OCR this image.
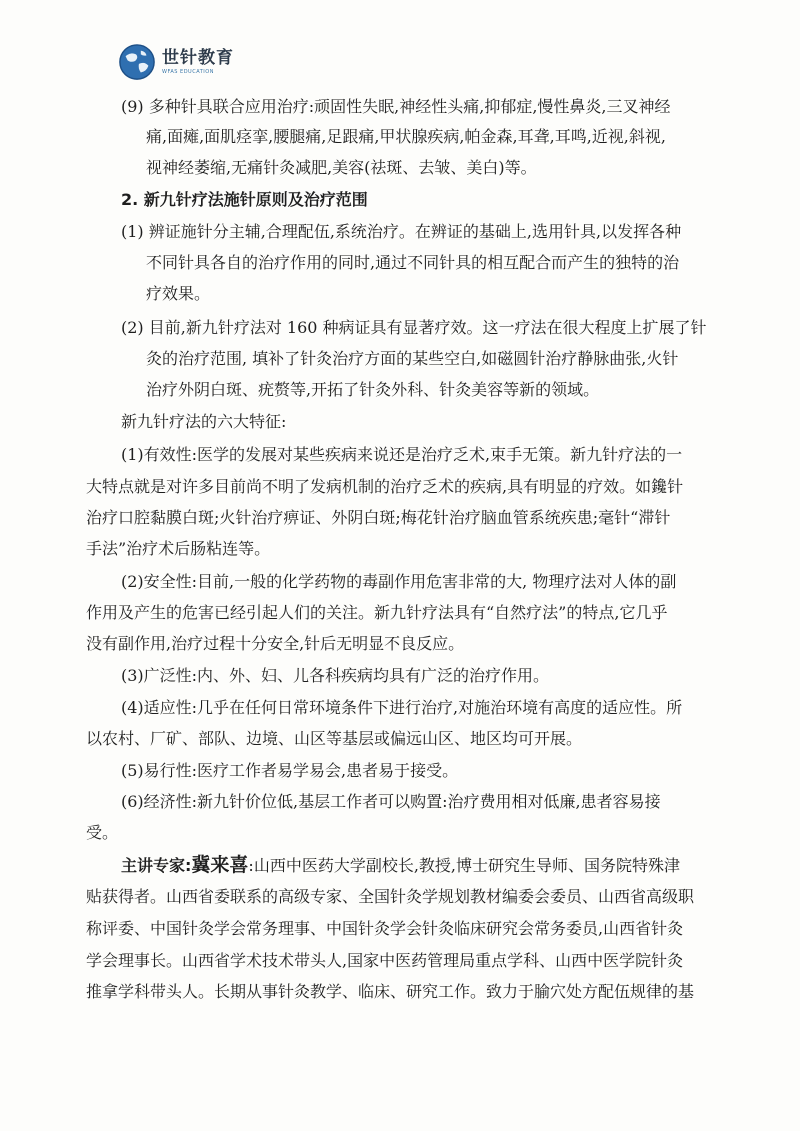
世针教育
WFAS EDUCATION
(9) 多种针具联合应用治疗:顽固性失眠,神经性头痛,抑郁症,慢性鼻炎,三叉神经
痛,面瘫,面肌痉挛,腰腿痛,足跟痛,甲状腺疾病,帕金森,耳聋,耳鸣,近视,斜视,
视神经萎缩,无痛针灸减肥,美容(祛斑、去皱、美白)等。
2. 新九针疗法施针原则及治疗范围
(1) 辨证施针分主辅,合理配伍,系统治疗。在辨证的基础上,选用针具,以发挥各种
不同针具各自的治疗作用的同时,通过不同针具的相互配合而产生的独特的治
疗效果。
(2) 目前,新九针疗法对 160 种病证具有显著疗效。这一疗法在很大程度上扩展了针
灸的治疗范围, 填补了针灸治疗方面的某些空白,如磁圆针治疗静脉曲张,火针
治疗外阴白斑、疣赘等,开拓了针灸外科、针灸美容等新的领域。
新九针疗法的六大特征:
(1)有效性:医学的发展对某些疾病来说还是治疗乏术,束手无策。新九针疗法的一
大特点就是对许多目前尚不明了发病机制的治疗乏术的疾病,具有明显的疗效。如鑱针
治疗口腔黏膜白斑;火针治疗痹证、外阴白斑;梅花针治疗脑血管系统疾患;毫针“滞针
手法”治疗术后肠粘连等。
(2)安全性:目前,一般的化学药物的毒副作用危害非常的大, 物理疗法对人体的副
作用及产生的危害已经引起人们的关注。新九针疗法具有“自然疗法”的特点,它几乎
没有副作用,治疗过程十分安全,针后无明显不良反应。
(3)广泛性:内、外、妇、儿各科疾病均具有广泛的治疗作用。
(4)适应性:几乎在任何日常环境条件下进行治疗,对施治环境有高度的适应性。所
以农村、厂矿、部队、边境、山区等基层或偏远山区、地区均可开展。
(5)易行性:医疗工作者易学易会,患者易于接受。
(6)经济性:新九针价位低,基层工作者可以购置:治疗费用相对低廉,患者容易接
受。
主讲专家:冀来喜:山西中医药大学副校长,教授,博士研究生导师、国务院特殊津
贴获得者。山西省委联系的高级专家、全国针灸学规划教材编委会委员、山西省高级职
称评委、中国针灸学会常务理事、中国针灸学会针灸临床研究会常务委员,山西省针灸
学会理事长。山西省学术技术带头人,国家中医药管理局重点学科、山西中医学院针灸
推拿学科带头人。长期从事针灸教学、临床、研究工作。致力于腧穴处方配伍规律的基
